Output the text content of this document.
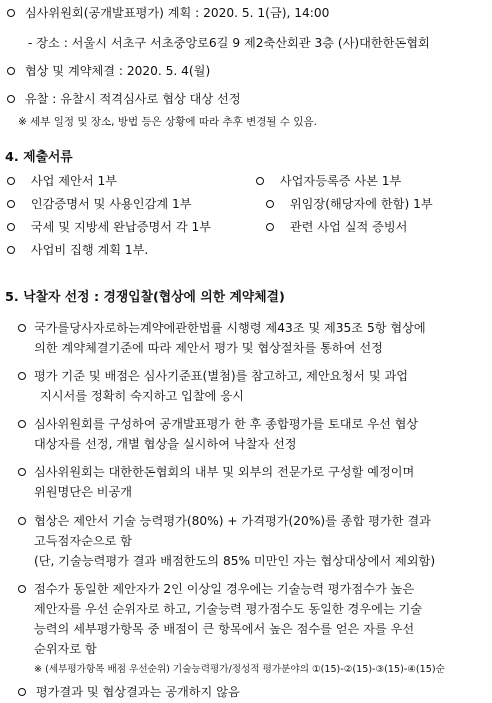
심사위원회(공개발표평가) 계획 : 2020. 5. 1(금), 14:00
- 장소 : 서울시 서초구 서초중앙로6길 9 제2축산회관 3층 (사)대한한돈협회
협상 및 계약체결 : 2020. 5. 4(월)
유찰 : 유찰시 적격심사로 협상 대상 선정
※ 세부 일정 및 장소, 방법 등은 상황에 따라 추후 변경될 수 있음.
4. 제출서류
사업 제안서 1부	사업자등록증 사본 1부
인감증명서 및 사용인감계 1부	위임장(해당자에 한함) 1부
국세 및 지방세 완납증명서 각 1부	관련 사업 실적 증빙서
사업비 집행 계획 1부.
5. 낙찰자 선정 : 경쟁입찰(협상에 의한 계약체결)
국가를당사자로하는계약에관한법률 시행령 제43조 및 제35조 5항 협상에
의한 계약체결기준에 따라 제안서 평가 및 협상절차를 통하여 선정
평가 기준 및 배점은 심사기준표(별첨)를 참고하고, 제안요청서 및 과업
지시서를 정확히 숙지하고 입찰에 응시
심사위원회를 구성하여 공개발표평가 한 후 종합평가를 토대로 우선 협상
대상자를 선정, 개별 협상을 실시하여 낙찰자 선정
심사위원회는 대한한돈협회의 내부 및 외부의 전문가로 구성할 예정이며
위원명단은 비공개
협상은 제안서 기술 능력평가(80%) + 가격평가(20%)를 종합 평가한 결과
고득점자순으로 함
(단, 기술능력평가 결과 배점한도의 85% 미만인 자는 협상대상에서 제외함)
점수가 동일한 제안자가 2인 이상일 경우에는 기술능력 평가점수가 높은
제안자를 우선 순위자로 하고, 기술능력 평가점수도 동일한 경우에는 기술
능력의 세부평가항목 중 배점이 큰 항목에서 높은 점수를 얻은 자를 우선
순위자로 함
※ (세부평가항목 배점 우선순위) 기술능력평가/정성적 평가분야의 ①(15)-②(15)-③(15)-④(15)순
평가결과 및 협상결과는 공개하지 않음
